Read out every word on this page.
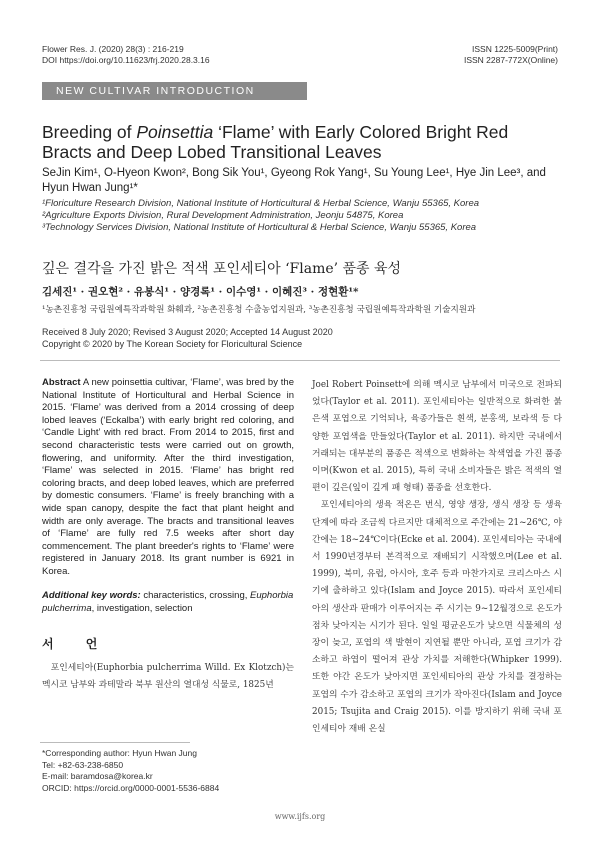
Flower Res. J. (2020) 28(3) : 216-219
DOI https://doi.org/10.11623/frj.2020.28.3.16
ISSN 1225-5009(Print)
ISSN 2287-772X(Online)
NEW CULTIVAR INTRODUCTION
Breeding of Poinsettia ‘Flame’ with Early Colored Bright Red Bracts and Deep Lobed Transitional Leaves
SeJin Kim¹, O-Hyeon Kwon², Bong Sik You¹, Gyeong Rok Yang¹, Su Young Lee¹, Hye Jin Lee³, and Hyun Hwan Jung¹*
¹Floriculture Research Division, National Institute of Horticultural & Herbal Science, Wanju 55365, Korea
²Agriculture Exports Division, Rural Development Administration, Jeonju 54875, Korea
³Technology Services Division, National Institute of Horticultural & Herbal Science, Wanju 55365, Korea
깊은 결각을 가진 밝은 적색 포인세티아 ‘Flame’ 품종 육성
김세진¹ · 권오현² · 유봉식¹ · 양경록¹ · 이수영¹ · 이혜진³ · 정현환¹*
¹농촌진흥청 국립원예특작과학원 화훼과, ²농촌진흥청 수출농업지원과, ³농촌진흥청 국립원예특작과학원 기술지원과
Received 8 July 2020; Revised 3 August 2020; Accepted 14 August 2020
Copyright © 2020 by The Korean Society for Floricultural Science
Abstract A new poinsettia cultivar, ‘Flame’, was bred by the National Institute of Horticultural and Herbal Science in 2015. ‘Flame’ was derived from a 2014 crossing of deep lobed leaves (‘Eckalba’) with early bright red coloring, and ‘Candle Light’ with red bract. From 2014 to 2015, first and second characteristic tests were carried out on growth, flowering, and uniformity. After the third investigation, ‘Flame’ was selected in 2015. ‘Flame’ has bright red coloring bracts, and deep lobed leaves, which are preferred by domestic consumers. ‘Flame’ is freely branching with a wide span canopy, despite the fact that plant height and width are only average. The bracts and transitional leaves of ‘Flame’ are fully red 7.5 weeks after short day commencement. The plant breeder's rights to ‘Flame’ were registered in January 2018. Its grant number is 6921 in Korea.
Additional key words: characteristics, crossing, Euphorbia pulcherrima, investigation, selection
서 언

포인세티아(Euphorbia pulcherrima Willd. Ex Klotzch)는 멕시코 남부와 과테말라 북부 원산의 열대성 식물로, 1825년

*Corresponding author: Hyun Hwan Jung
Tel: +82-63-238-6850
E-mail: baramdosa@korea.kr
ORCID: https://orcid.org/0000-0001-5536-6884

Joel Robert Poinsett에 의해 멕시코 남부에서 미국으로 전파되었다(Taylor et al. 2011). 포인세티아는 일반적으로 화려한 붉은색 포엽으로 기억되나, 육종가들은 흰색, 분홍색, 보라색 등 다양한 포엽색을 만들었다(Taylor et al. 2011). 하지만 국내에서 거래되는 대부분의 품종은 적색으로 변화하는 착색엽을 가진 품종이며(Kwon et al. 2015), 특히 국내 소비자들은 밝은 적색의 열편이 깊은(잎이 깊게 패 형태) 품종을 선호한다.

포인세티아의 생육 적온은 번식, 영양 생장, 생식 생장 등 생육 단계에 따라 조금씩 다르지만 대체적으로 주간에는 21~26℃, 야간에는 18~24℃이다(Ecke et al. 2004). 포인세티아는 국내에서 1990년경부터 본격적으로 재배되기 시작했으며(Lee et al. 1999), 북미, 유럽, 아시아, 호주 등과 마찬가지로 크리스마스 시기에 출하하고 있다(Islam and Joyce 2015). 따라서 포인세티아의 생산과 판매가 이루어지는 주 시기는 9~12월경으로 온도가 점차 낮아지는 시기가 된다. 일일 평균온도가 낮으면 식물체의 성장이 늦고, 포엽의 색 발현이 지연될 뿐만 아니라, 포엽 크기가 감소하고 하엽이 떨어져 관상 가치를 저해한다(Whipker 1999). 또한 야간 온도가 낮아지면 포인세티아의 관상 가치를 결정하는 포엽의 수가 감소하고 포엽의 크기가 작아진다(Islam and Joyce 2015; Tsujita and Craig 2015). 이를 방지하기 위해 국내 포인세티아 재배 온실

www.ijfs.org
